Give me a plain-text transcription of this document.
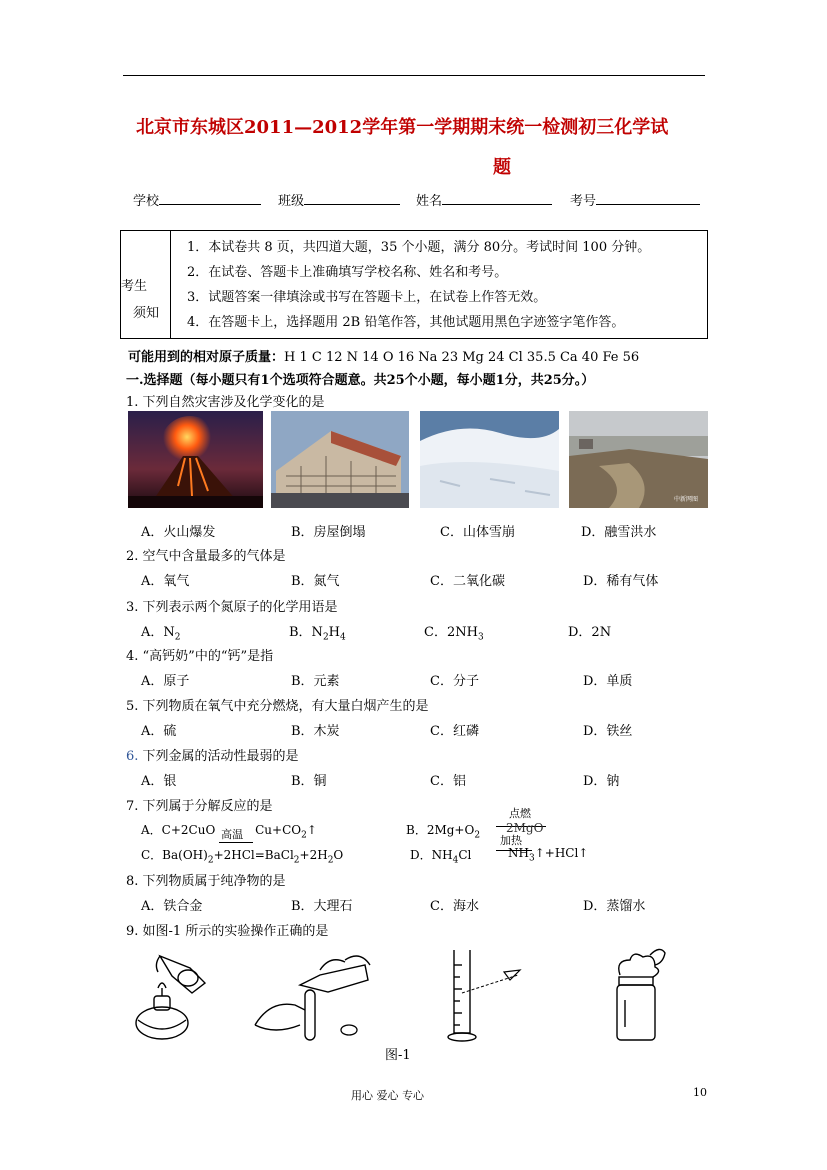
北京市东城区2011—2012学年第一学期期末统一检测初三化学试
题
学校	班级	姓名	考号
考生
须知
1．本试卷共 8 页，共四道大题，35 个小题，满分 80分。考试时间 100 分钟。
2．在试卷、答题卡上准确填写学校名称、姓名和考号。
3．试题答案一律填涂或书写在答题卡上，在试卷上作答无效。
4．在答题卡上，选择题用 2B 铅笔作答，其他试题用黑色字迹签字笔作答。
可能用到的相对原子质量：H 1 C 12 N 14 O 16 Na 23 Mg 24 Cl 35.5 Ca 40 Fe 56
一.选择题（每小题只有1个选项符合题意。共25个小题，每小题1分，共25分。）
1. 下列自然灾害涉及化学变化的是
中新网图
A．火山爆发	B．房屋倒塌	C．山体雪崩	D．融雪洪水
2. 空气中含量最多的气体是
A．氧气	B．氮气	C．二氧化碳	D．稀有气体
3. 下列表示两个氮原子的化学用语是
A．$N_2$	B．$N_2H_4$	C．$2NH_3$	D．2N
4. “高钙奶”中的“钙”是指
A．原子	B．元素	C．分子	D．单质
5. 下列物质在氧气中充分燃烧，有大量白烟产生的是
A．硫	B．木炭	C．红磷	D．铁丝
6. 下列金属的活动性最弱的是
A．银	B．铜	C．铝	D．钠
7. 下列属于分解反应的是
A．C+2CuO 高温 $Cu+CO_2↑$	B．$2Mg+O_2$
点燃
2MgO
C．$Ba(OH)_2+2HCl=BaCl_2+2H_2O$	D．$NH_4Cl$
加热
$NH_3↑+HCl↑$
8. 下列物质属于纯净物的是
A．铁合金	B．大理石	C．海水	D．蒸馏水
9. 如图-1 所示的实验操作正确的是
图-1
用心 爱心 专心	10
